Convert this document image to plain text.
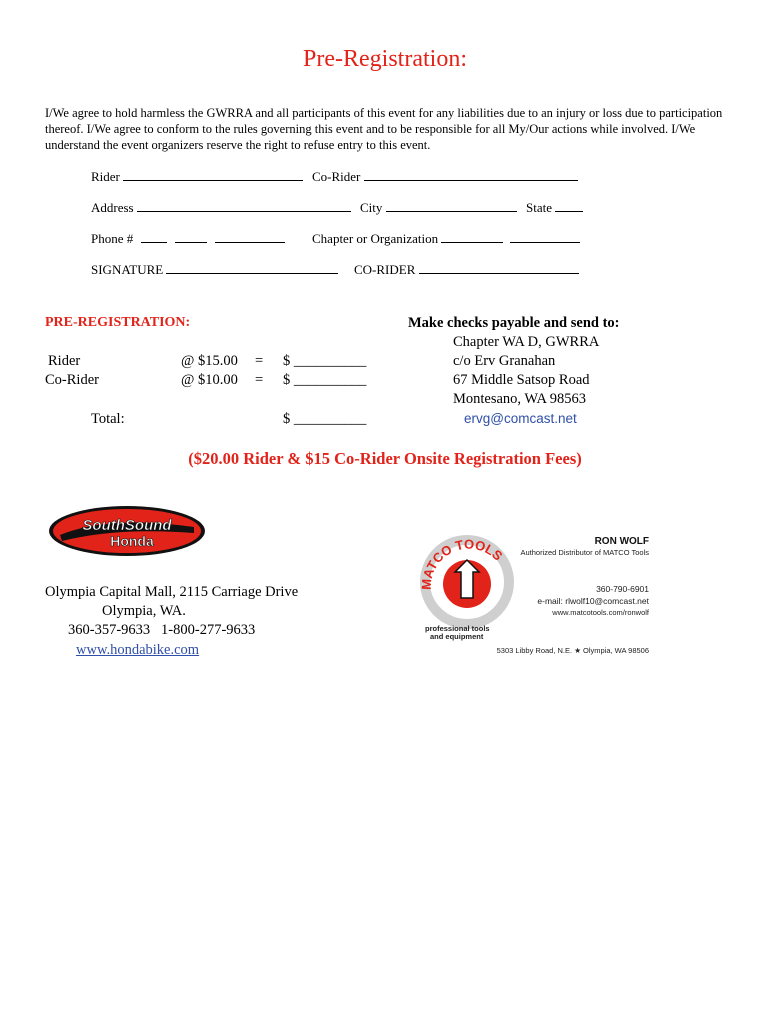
Pre-Registration:
I/We agree to hold harmless the GWRRA and all participants of this event for any liabilities due to an injury or loss due to participation thereof. I/We agree to conform to the rules governing this event and to be responsible for all My/Our actions while involved. I/We understand the event organizers reserve the right to refuse entry to this event.
Rider	Co-Rider
Address	City	State
Phone #	Chapter or Organization
SIGNATURE	CO-RIDER
PRE-REGISTRATION:
Rider	@ $15.00 = $ __________
Co-Rider	@ $10.00 = $ __________
Total:	$ __________
Make checks payable and send to:
Chapter WA D, GWRRA
c/o Erv Granahan
67 Middle Satsop Road
Montesano, WA 98563
ervg@comcast.net
($20.00 Rider & $15 Co-Rider Onsite Registration Fees)
SouthSound
Honda
Olympia Capital Mall, 2115 Carriage Drive
Olympia, WA.
360-357-9633   1-800-277-9633
www.hondabike.com
MATCO TOOLS
professional tools
and equipment
RON WOLF
Authorized Distributor of MATCO Tools
360-790-6901
e-mail: rlwolf10@comcast.net
www.matcotools.com/ronwolf
5303 Libby Road, N.E. ★ Olympia, WA 98506
